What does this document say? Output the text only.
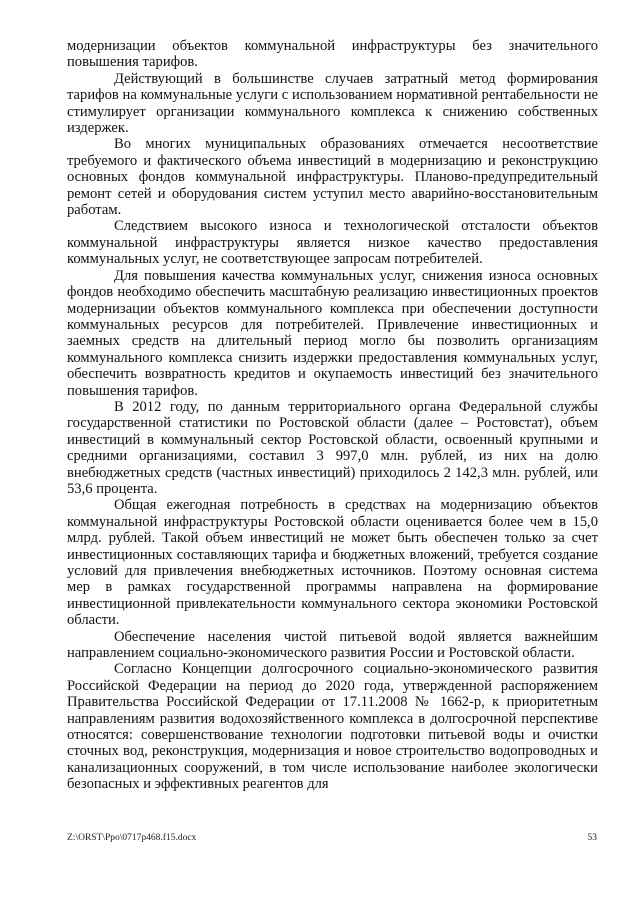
модернизации объектов коммунальной инфраструктуры без значительного повышения тарифов.

Действующий в большинстве случаев затратный метод формирования тарифов на коммунальные услуги с использованием нормативной рентабельности не стимулирует организации коммунального комплекса к снижению собственных издержек.

Во многих муниципальных образованиях отмечается несоответствие требуемого и фактического объема инвестиций в модернизацию и реконструкцию основных фондов коммунальной инфраструктуры. Планово-предупредительный ремонт сетей и оборудования систем уступил место аварийно-восстановительным работам.

Следствием высокого износа и технологической отсталости объектов коммунальной инфраструктуры является низкое качество предоставления коммунальных услуг, не соответствующее запросам потребителей.

Для повышения качества коммунальных услуг, снижения износа основных фондов необходимо обеспечить масштабную реализацию инвестиционных проектов модернизации объектов коммунального комплекса при обеспечении доступности коммунальных ресурсов для потребителей. Привлечение инвестиционных и заемных средств на длительный период могло бы позволить организациям коммунального комплекса снизить издержки предоставления коммунальных услуг, обеспечить возвратность кредитов и окупаемость инвестиций без значительного повышения тарифов.

В 2012 году, по данным территориального органа Федеральной службы государственной статистики по Ростовской области (далее – Ростовстат), объем инвестиций в коммунальный сектор Ростовской области, освоенный крупными и средними организациями, составил 3 997,0 млн. рублей, из них на долю внебюджетных средств (частных инвестиций) приходилось 2 142,3 млн. рублей, или 53,6 процента.

Общая ежегодная потребность в средствах на модернизацию объектов коммунальной инфраструктуры Ростовской области оценивается более чем в 15,0 млрд. рублей. Такой объем инвестиций не может быть обеспечен только за счет инвестиционных составляющих тарифа и бюджетных вложений, требуется создание условий для привлечения внебюджетных источников. Поэтому основная система мер в рамках государственной программы направлена на формирование инвестиционной привлекательности коммунального сектора экономики Ростовской области.

Обеспечение населения чистой питьевой водой является важнейшим направлением социально-экономического развития России и Ростовской области.

Согласно Концепции долгосрочного социально-экономического развития Российской Федерации на период до 2020 года, утвержденной распоряжением Правительства Российской Федерации от 17.11.2008 № 1662-р, к приоритетным направлениям развития водохозяйственного комплекса в долгосрочной перспективе относятся: совершенствование технологии подготовки питьевой воды и очистки сточных вод, реконструкция, модернизация и новое строительство водопроводных и канализационных сооружений, в том числе использование наиболее экологически безопасных и эффективных реагентов для

Z:\ORST\Ppo\0717p468.f15.docx	53
